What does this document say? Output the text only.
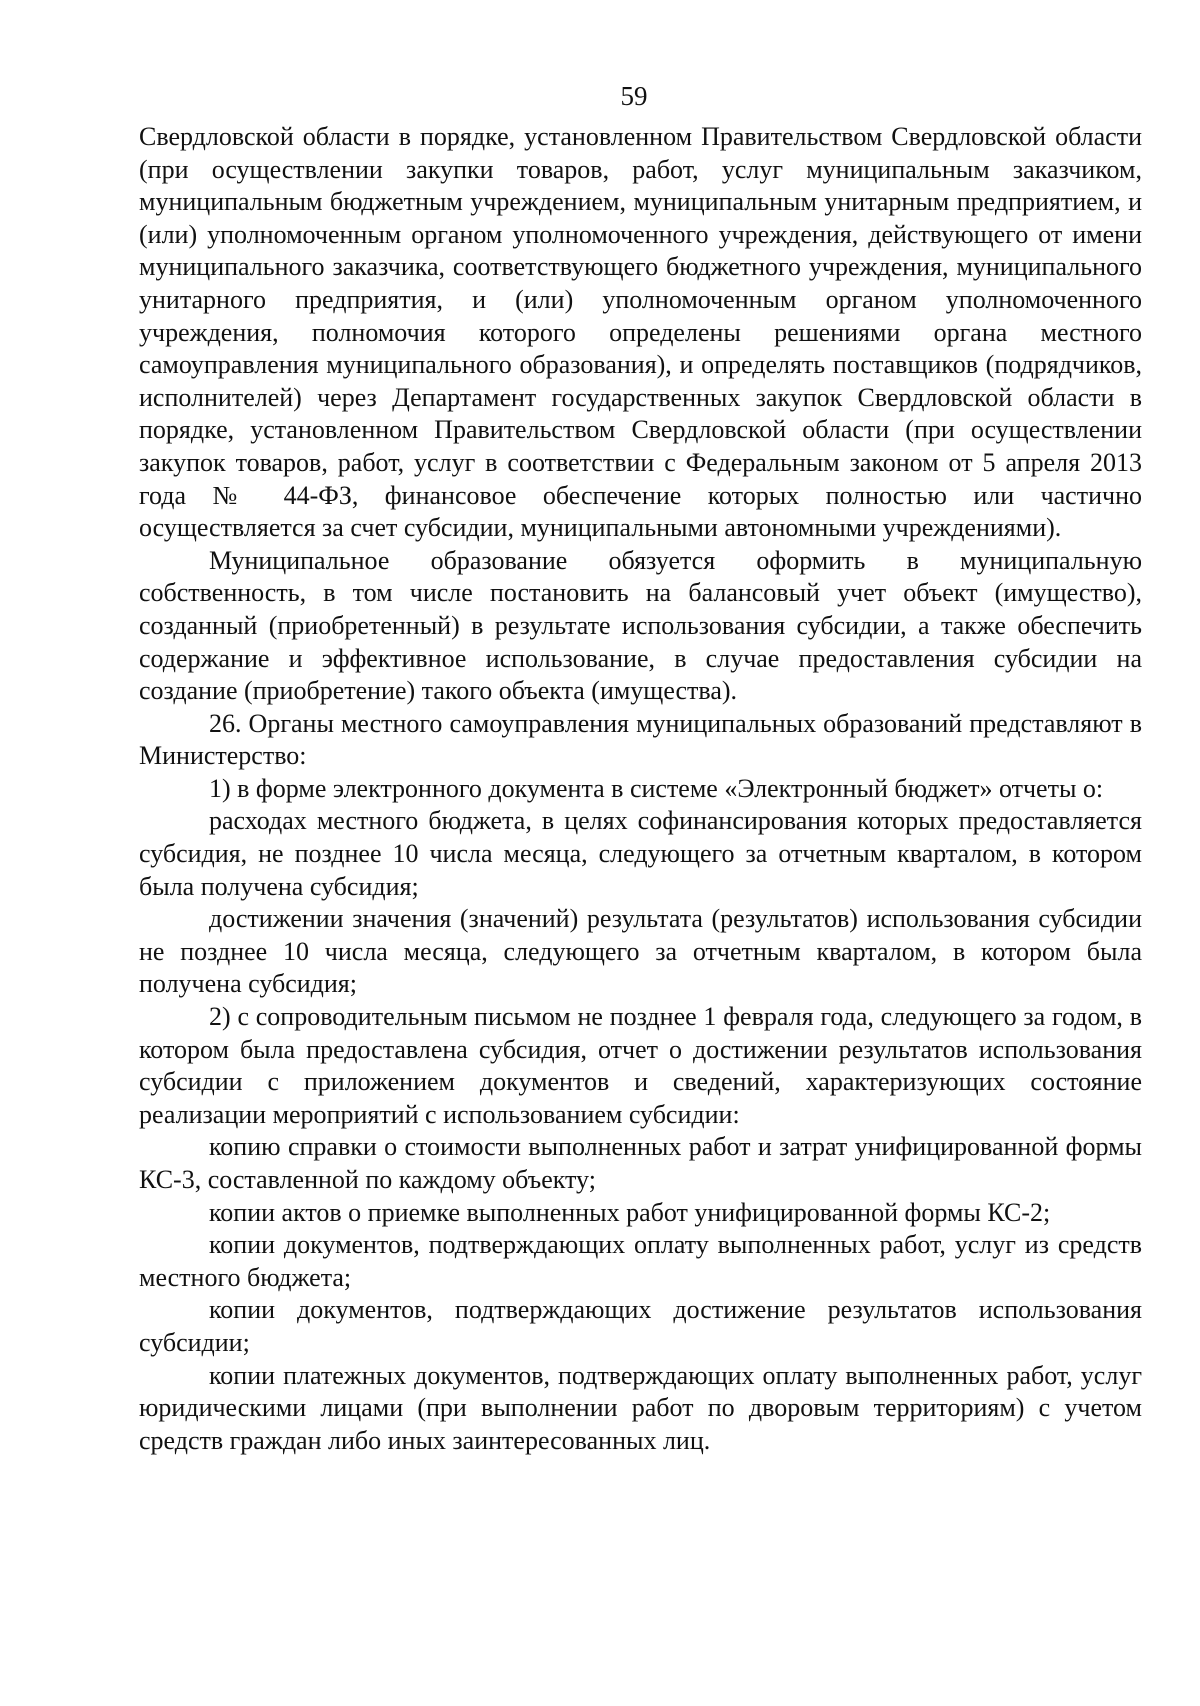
59

Свердловской области в порядке, установленном Правительством Свердловской области (при осуществлении закупки товаров, работ, услуг муниципальным заказчиком, муниципальным бюджетным учреждением, муниципальным унитарным предприятием, и (или) уполномоченным органом уполномоченного учреждения, действующего от имени муниципального заказчика, соответствующего бюджетного учреждения, муниципального унитарного предприятия, и (или) уполномоченным органом уполномоченного учреждения, полномочия которого определены решениями органа местного самоуправления муниципального образования), и определять поставщиков (подрядчиков, исполнителей) через Департамент государственных закупок Свердловской области в порядке, установленном Правительством Свердловской области (при осуществлении закупок товаров, работ, услуг в соответствии с Федеральным законом от 5 апреля 2013 года № 44-ФЗ, финансовое обеспечение которых полностью или частично осуществляется за счет субсидии, муниципальными автономными учреждениями).

Муниципальное образование обязуется оформить в муниципальную собственность, в том числе постановить на балансовый учет объект (имущество), созданный (приобретенный) в результате использования субсидии, а также обеспечить содержание и эффективное использование, в случае предоставления субсидии на создание (приобретение) такого объекта (имущества).

26. Органы местного самоуправления муниципальных образований представляют в Министерство:

1) в форме электронного документа в системе «Электронный бюджет» отчеты о:

расходах местного бюджета, в целях софинансирования которых предоставляется субсидия, не позднее 10 числа месяца, следующего за отчетным кварталом, в котором была получена субсидия;

достижении значения (значений) результата (результатов) использования субсидии не позднее 10 числа месяца, следующего за отчетным кварталом, в котором была получена субсидия;

2) с сопроводительным письмом не позднее 1 февраля года, следующего за годом, в котором была предоставлена субсидия, отчет о достижении результатов использования субсидии с приложением документов и сведений, характеризующих состояние реализации мероприятий с использованием субсидии:

копию справки о стоимости выполненных работ и затрат унифицированной формы КС-3, составленной по каждому объекту;

копии актов о приемке выполненных работ унифицированной формы КС-2;

копии документов, подтверждающих оплату выполненных работ, услуг из средств местного бюджета;

копии документов, подтверждающих достижение результатов использования субсидии;

копии платежных документов, подтверждающих оплату выполненных работ, услуг юридическими лицами (при выполнении работ по дворовым территориям) с учетом средств граждан либо иных заинтересованных лиц.
